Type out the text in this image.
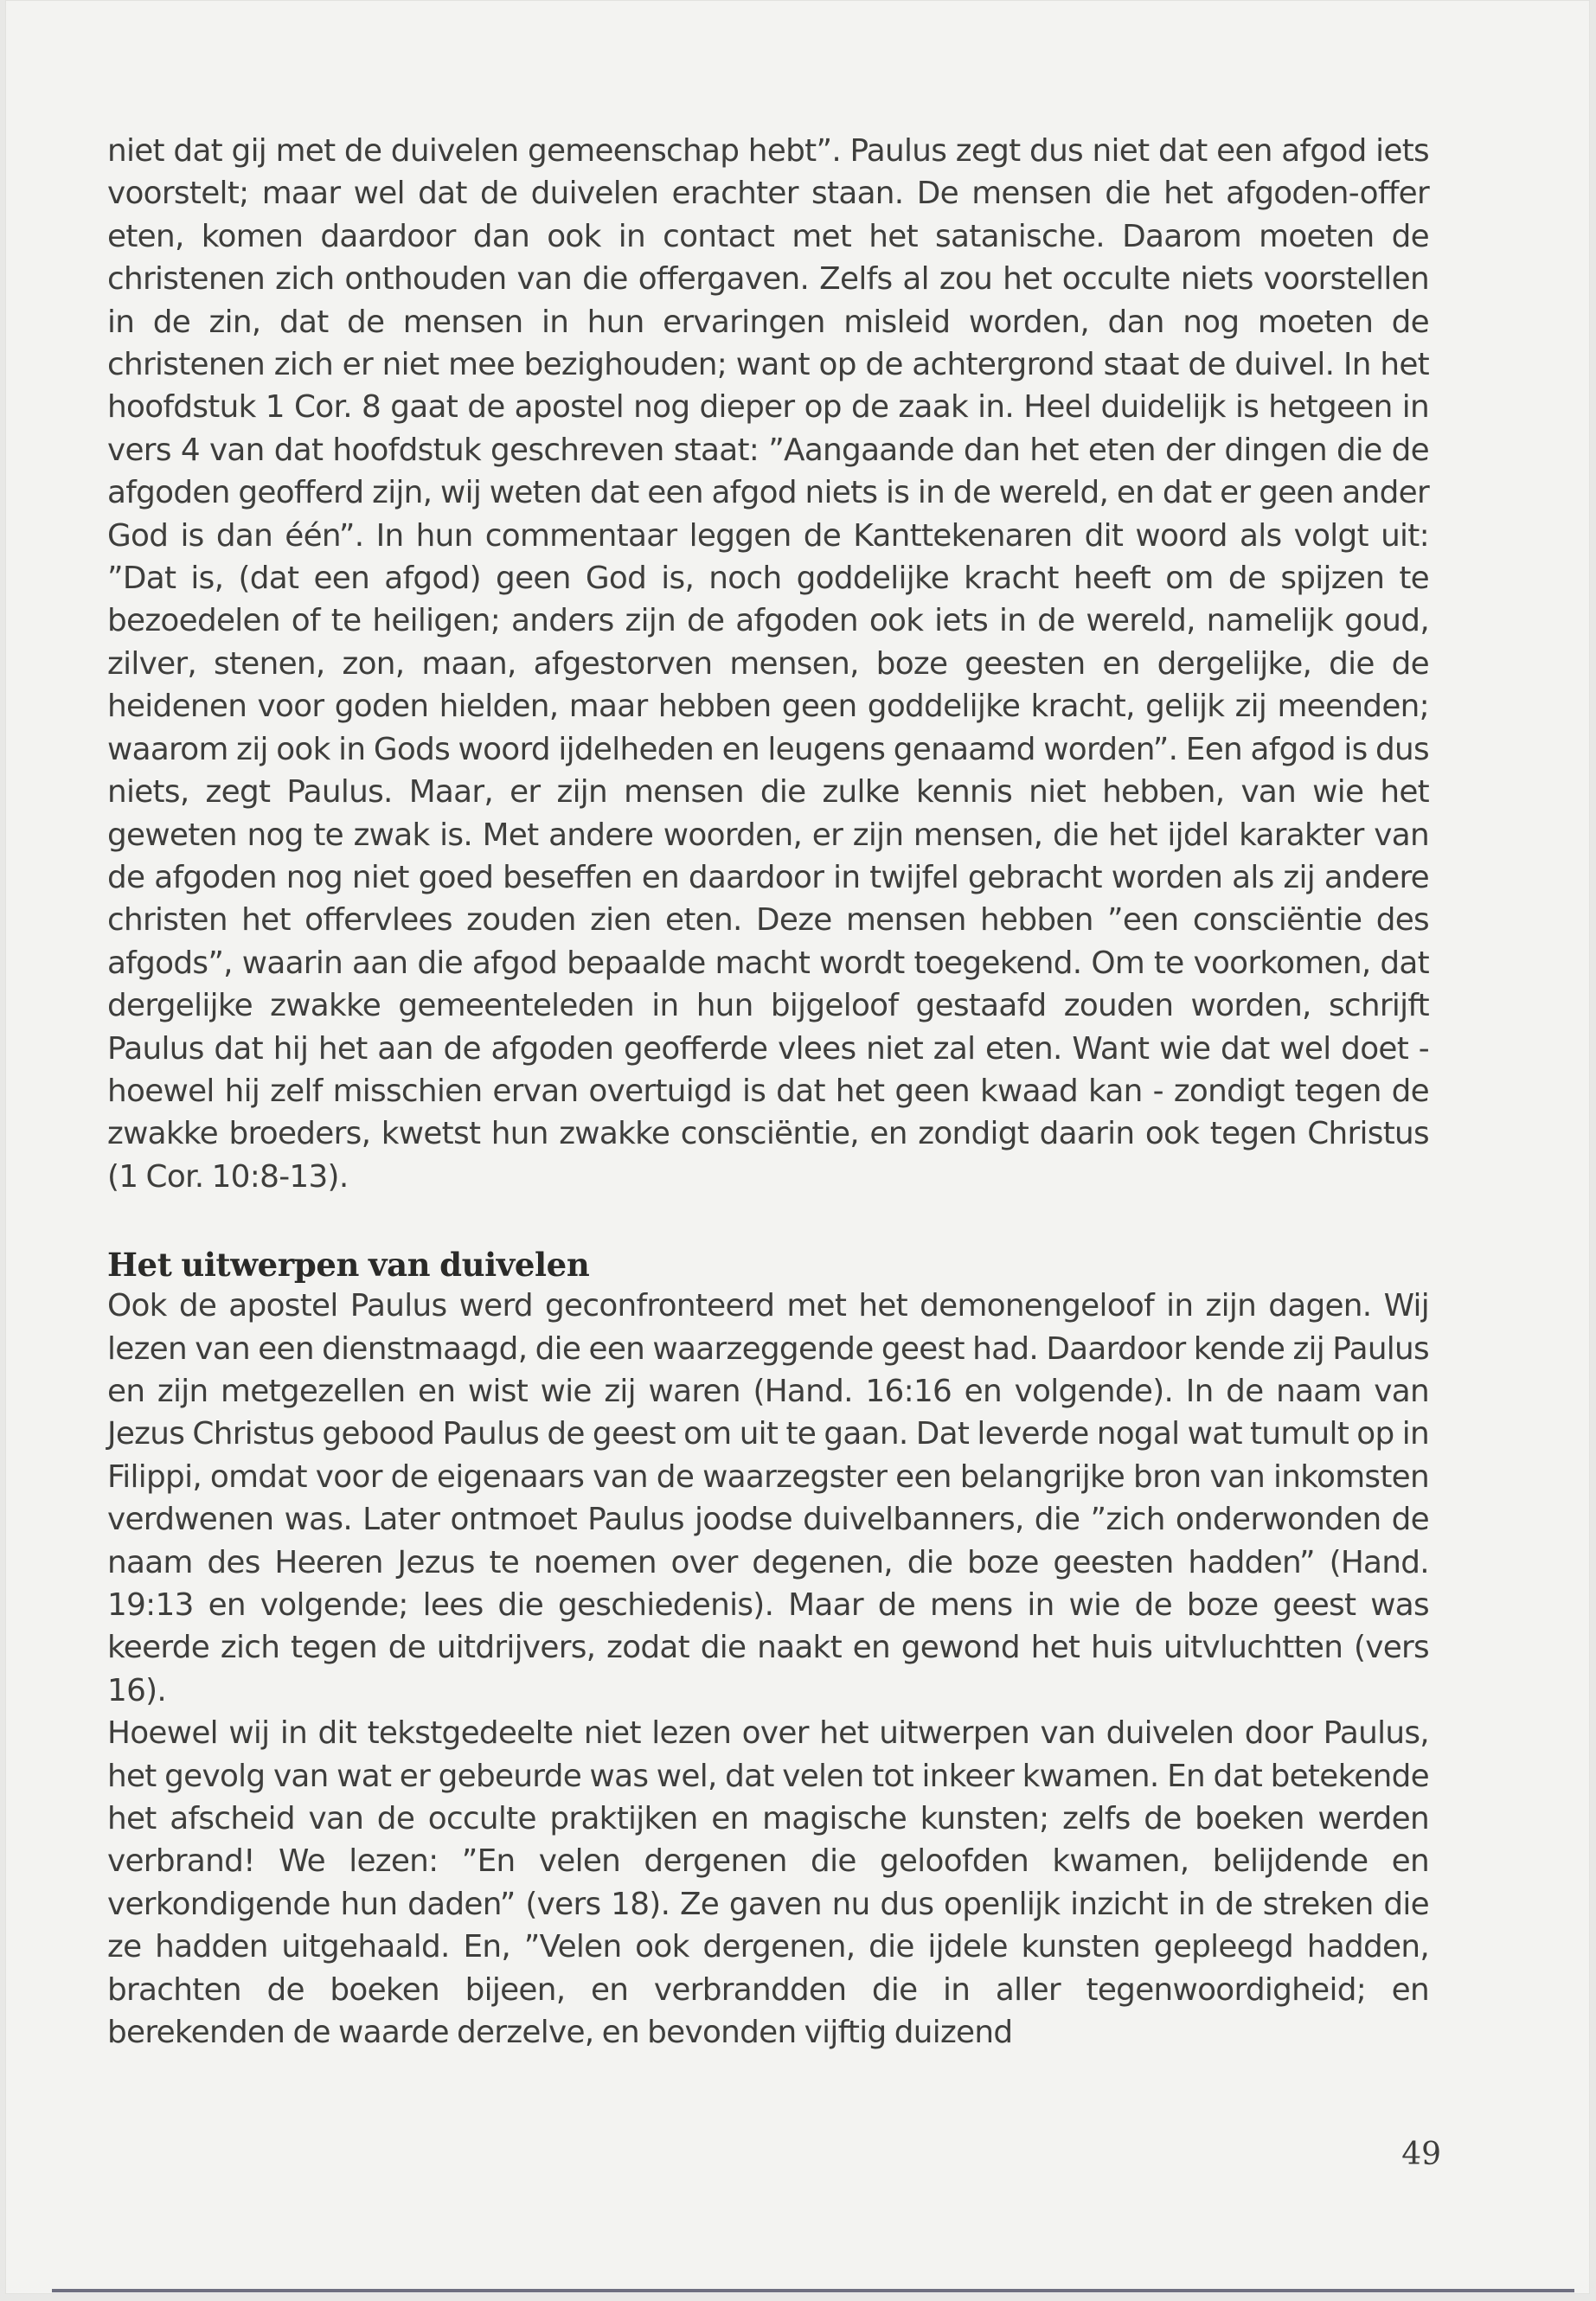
niet dat gij met de duivelen gemeenschap hebt”. Paulus zegt dus niet dat een afgod iets voorstelt; maar wel dat de duivelen erachter staan. De mensen die het afgoden-offer eten, komen daardoor dan ook in contact met het satanische. Daarom moeten de christenen zich onthouden van die offergaven. Zelfs al zou het occulte niets voorstellen in de zin, dat de mensen in hun ervaringen misleid worden, dan nog moeten de christenen zich er niet mee bezighouden; want op de achtergrond staat de duivel. In het hoofdstuk 1 Cor. 8 gaat de apostel nog dieper op de zaak in. Heel duidelijk is hetgeen in vers 4 van dat hoofdstuk geschreven staat: ”Aangaande dan het eten der dingen die de afgoden geofferd zijn, wij weten dat een afgod niets is in de wereld, en dat er geen ander God is dan één”. In hun commentaar leggen de Kanttekenaren dit woord als volgt uit: ”Dat is, (dat een afgod) geen God is, noch goddelijke kracht heeft om de spijzen te bezoedelen of te heiligen; anders zijn de afgoden ook iets in de wereld, namelijk goud, zilver, stenen, zon, maan, afgestorven mensen, boze geesten en dergelijke, die de heidenen voor goden hielden, maar hebben geen goddelijke kracht, gelijk zij meenden; waarom zij ook in Gods woord ijdelheden en leugens genaamd worden”. Een afgod is dus niets, zegt Paulus. Maar, er zijn mensen die zulke kennis niet hebben, van wie het geweten nog te zwak is. Met andere woorden, er zijn mensen, die het ijdel karakter van de afgoden nog niet goed beseffen en daardoor in twijfel gebracht worden als zij andere christen het offervlees zouden zien eten. Deze mensen hebben ”een consciëntie des afgods”, waarin aan die afgod bepaalde macht wordt toegekend. Om te voorkomen, dat dergelijke zwakke gemeenteleden in hun bijgeloof gestaafd zouden worden, schrijft Paulus dat hij het aan de afgoden geofferde vlees niet zal eten. Want wie dat wel doet - hoewel hij zelf misschien ervan overtuigd is dat het geen kwaad kan - zondigt tegen de zwakke broeders, kwetst hun zwakke consciëntie, en zondigt daarin ook tegen Christus (1 Cor. 10:8-13).

Het uitwerpen van duivelen

Ook de apostel Paulus werd geconfronteerd met het demonengeloof in zijn dagen. Wij lezen van een dienstmaagd, die een waarzeggende geest had. Daardoor kende zij Paulus en zijn metgezellen en wist wie zij waren (Hand. 16:16 en volgende). In de naam van Jezus Christus gebood Paulus de geest om uit te gaan. Dat leverde nogal wat tumult op in Filippi, omdat voor de eigenaars van de waarzegster een belangrijke bron van inkomsten verdwenen was. Later ontmoet Paulus joodse duivelbanners, die ”zich onderwonden de naam des Heeren Jezus te noemen over degenen, die boze geesten hadden” (Hand. 19:13 en volgende; lees die geschiedenis). Maar de mens in wie de boze geest was keerde zich tegen de uitdrijvers, zodat die naakt en gewond het huis uitvluchtten (vers 16).

Hoewel wij in dit tekstgedeelte niet lezen over het uitwerpen van duivelen door Paulus, het gevolg van wat er gebeurde was wel, dat velen tot inkeer kwamen. En dat betekende het afscheid van de occulte praktijken en magische kunsten; zelfs de boeken werden verbrand! We lezen: ”En velen dergenen die geloofden kwamen, belijdende en verkondigende hun daden” (vers 18). Ze gaven nu dus openlijk inzicht in de streken die ze hadden uitgehaald. En, ”Velen ook dergenen, die ijdele kunsten gepleegd hadden, brachten de boeken bijeen, en verbrandden die in aller tegenwoordigheid; en berekenden de waarde derzelve, en bevonden vijftig duizend

49
